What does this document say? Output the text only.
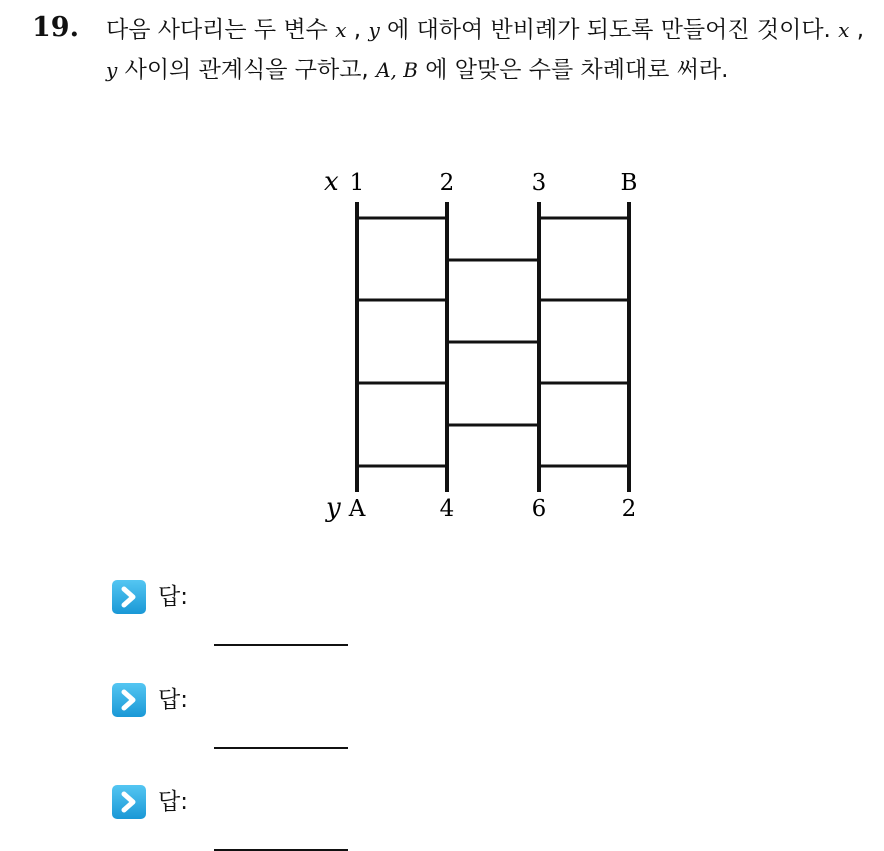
19. 다음 사다리는 두 변수 x , y 에 대하여 반비례가 되도록 만들어진 것이다. x , y 사이의 관계식을 구하고, A, B 에 알맞은 수를 차례대로 써라.

x 1	2	3	B
y A	4	6	2
답:
답:
답:
